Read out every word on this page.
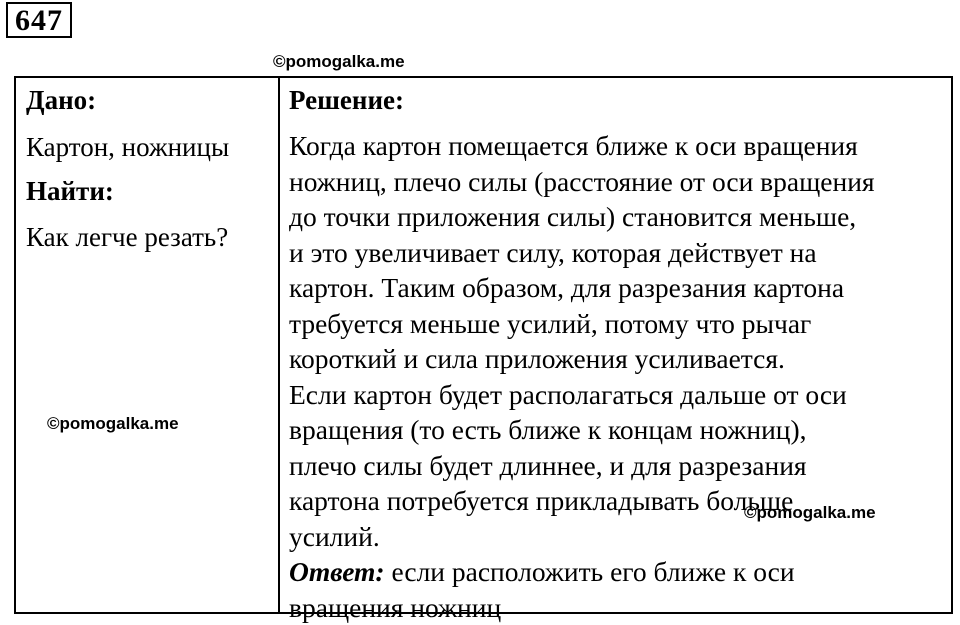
647
©pomogalka.me
Дано:
Картон, ножницы
Найти:
Как легче резать?
Решение:
Когда картон помещается ближе к оси вращения
ножниц, плечо силы (расстояние от оси вращения
до точки приложения силы) становится меньше,
и это увеличивает силу, которая действует на
картон. Таким образом, для разрезания картона
требуется меньше усилий, потому что рычаг
короткий и сила приложения усиливается.
Если картон будет располагаться дальше от оси
вращения (то есть ближе к концам ножниц),
плечо силы будет длиннее, и для разрезания
картона потребуется прикладывать больше
усилий.
Ответ: если расположить его ближе к оси
вращения ножниц
©pomogalka.me
©pomogalka.me
